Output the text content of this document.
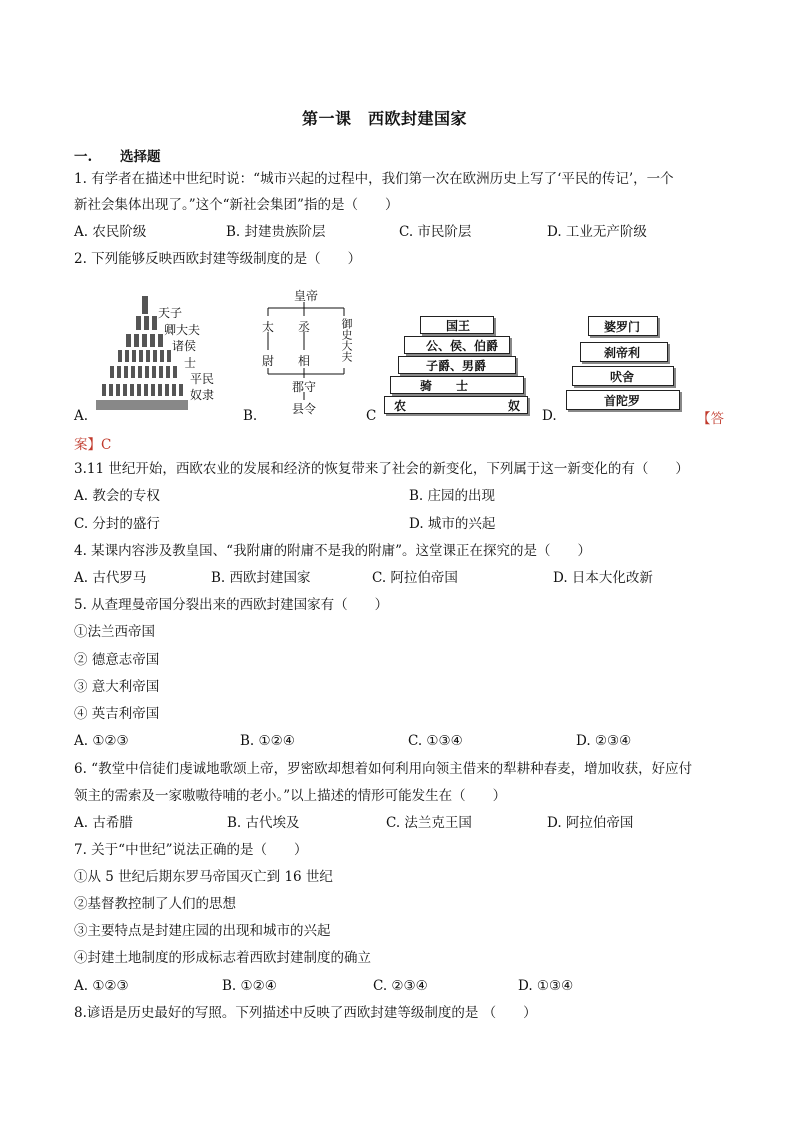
第一课　西欧封建国家
一. 选择题
1. 有学者在描述中世纪时说：“城市兴起的过程中，我们第一次在欧洲历史上写了‘平民的传记’，一个
新社会集体出现了。”这个“新社会集团”指的是（　　）
A. 农民阶级	B. 封建贵族阶层	C. 市民阶层	D. 工业无产阶级
2. 下列能够反映西欧封建等级制度的是（　　）
天子
卿大夫
诸侯
士
平民
奴隶
A.
皇帝
太 丞	御史大夫
尉 相
郡守
县令
B.
国王
公、侯、伯爵
子爵、男爵
骑　　士
农	奴
C
婆罗门
刹帝利
吠舍
首陀罗
D.	【答
案】C
3.11 世纪开始，西欧农业的发展和经济的恢复带来了社会的新变化，下列属于这一新变化的有（　　）
A. 教会的专权	B. 庄园的出现
C. 分封的盛行	D. 城市的兴起
4. 某课内容涉及教皇国、“我附庸的附庸不是我的附庸”。这堂课正在探究的是（　　）
A. 古代罗马	B. 西欧封建国家	C. 阿拉伯帝国	D. 日本大化改新
5. 从查理曼帝国分裂出来的西欧封建国家有（　　）
①法兰西帝国
② 德意志帝国
③ 意大利帝国
④ 英吉利帝国
A. ①②③	B. ①②④	C. ①③④	D. ②③④
6. “教堂中信徒们虔诚地歌颂上帝，罗密欧却想着如何利用向领主借来的犁耕种春麦，增加收获，好应付
领主的需索及一家嗷嗷待哺的老小。”以上描述的情形可能发生在（　　）
A. 古希腊	B. 古代埃及	C. 法兰克王国	D. 阿拉伯帝国
7. 关于“中世纪”说法正确的是（　　）
①从 5 世纪后期东罗马帝国灭亡到 16 世纪
②基督教控制了人们的思想
③主要特点是封建庄园的出现和城市的兴起
④封建土地制度的形成标志着西欧封建制度的确立
A. ①②③	B. ①②④	C. ②③④	D. ①③④
8.谚语是历史最好的写照。下列描述中反映了西欧封建等级制度的是 （　　）
